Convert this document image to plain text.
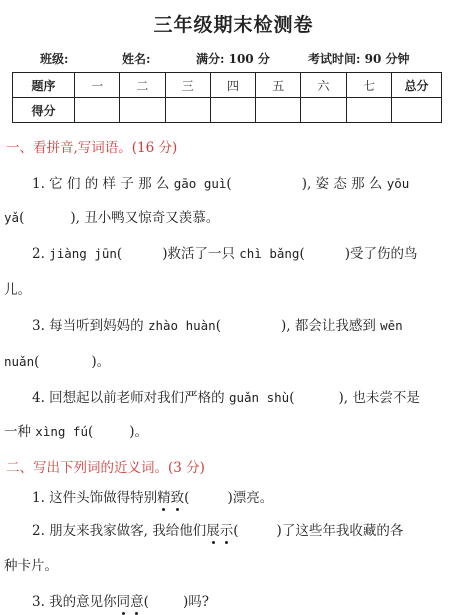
三年级期末检测卷
班级:	姓名:	满分: 100 分	考试时间: 90 分钟
题序	一	二	三	四	五	六	七	总分
得分								
一、看拼音,写词语。(16 分)
1. 它 们 的 样 子 那 么 gāo guì(	), 姿 态 那 么 yōu
yǎ(	), 丑小鸭又惊奇又羡慕。
2. jiàng jūn(	)救活了一只 chì bǎng(	)受了伤的鸟
儿。
3. 每当听到妈妈的 zhào huàn(	), 都会让我感到 wēn
nuǎn(	)。
4. 回想起以前老师对我们严格的 guǎn shù(	), 也未尝不是
一种 xìng fú(	)。
二、写出下列词的近义词。(3 分)
1. 这件头饰做得特别精致(	)漂亮。
2. 朋友来我家做客, 我给他们展示(	)了这些年我收藏的各
种卡片。
3. 我的意见你同意(	)吗?
